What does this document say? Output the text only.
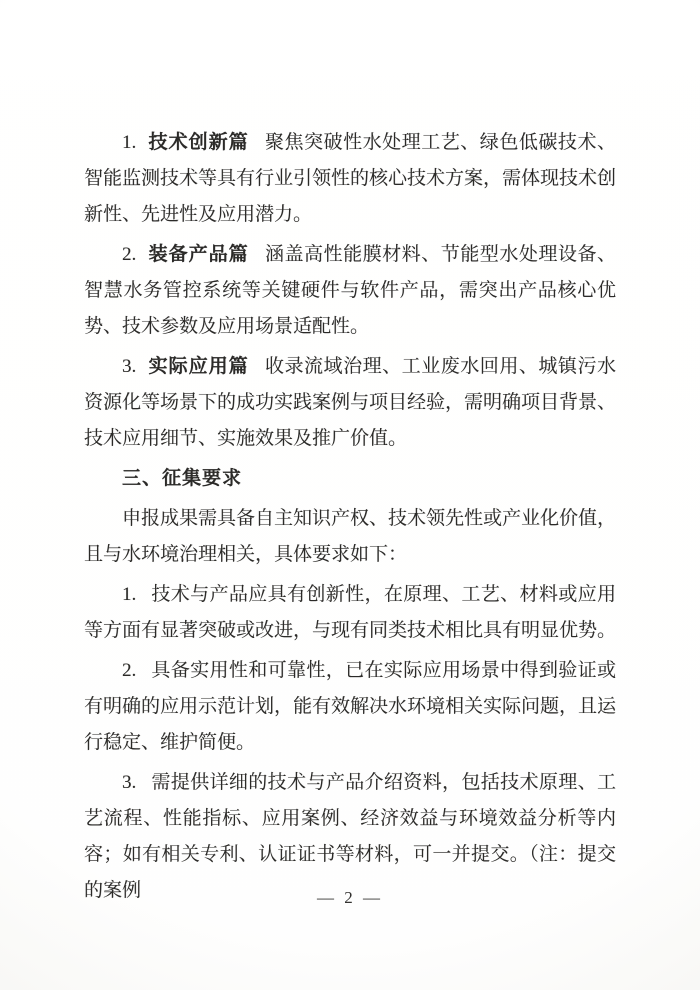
1. 技术创新篇 聚焦突破性水处理工艺、绿色低碳技术、智能监测技术等具有行业引领性的核心技术方案，需体现技术创新性、先进性及应用潜力。

2. 装备产品篇 涵盖高性能膜材料、节能型水处理设备、智慧水务管控系统等关键硬件与软件产品，需突出产品核心优势、技术参数及应用场景适配性。

3. 实际应用篇 收录流域治理、工业废水回用、城镇污水资源化等场景下的成功实践案例与项目经验，需明确项目背景、技术应用细节、实施效果及推广价值。

三、征集要求

申报成果需具备自主知识产权、技术领先性或产业化价值，且与水环境治理相关，具体要求如下：

1. 技术与产品应具有创新性，在原理、工艺、材料或应用等方面有显著突破或改进，与现有同类技术相比具有明显优势。

2. 具备实用性和可靠性，已在实际应用场景中得到验证或有明确的应用示范计划，能有效解决水环境相关实际问题，且运行稳定、维护简便。

3. 需提供详细的技术与产品介绍资料，包括技术原理、工艺流程、性能指标、应用案例、经济效益与环境效益分析等内容；如有相关专利、认证证书等材料，可一并提交。（注：提交的案例	— 2 —
